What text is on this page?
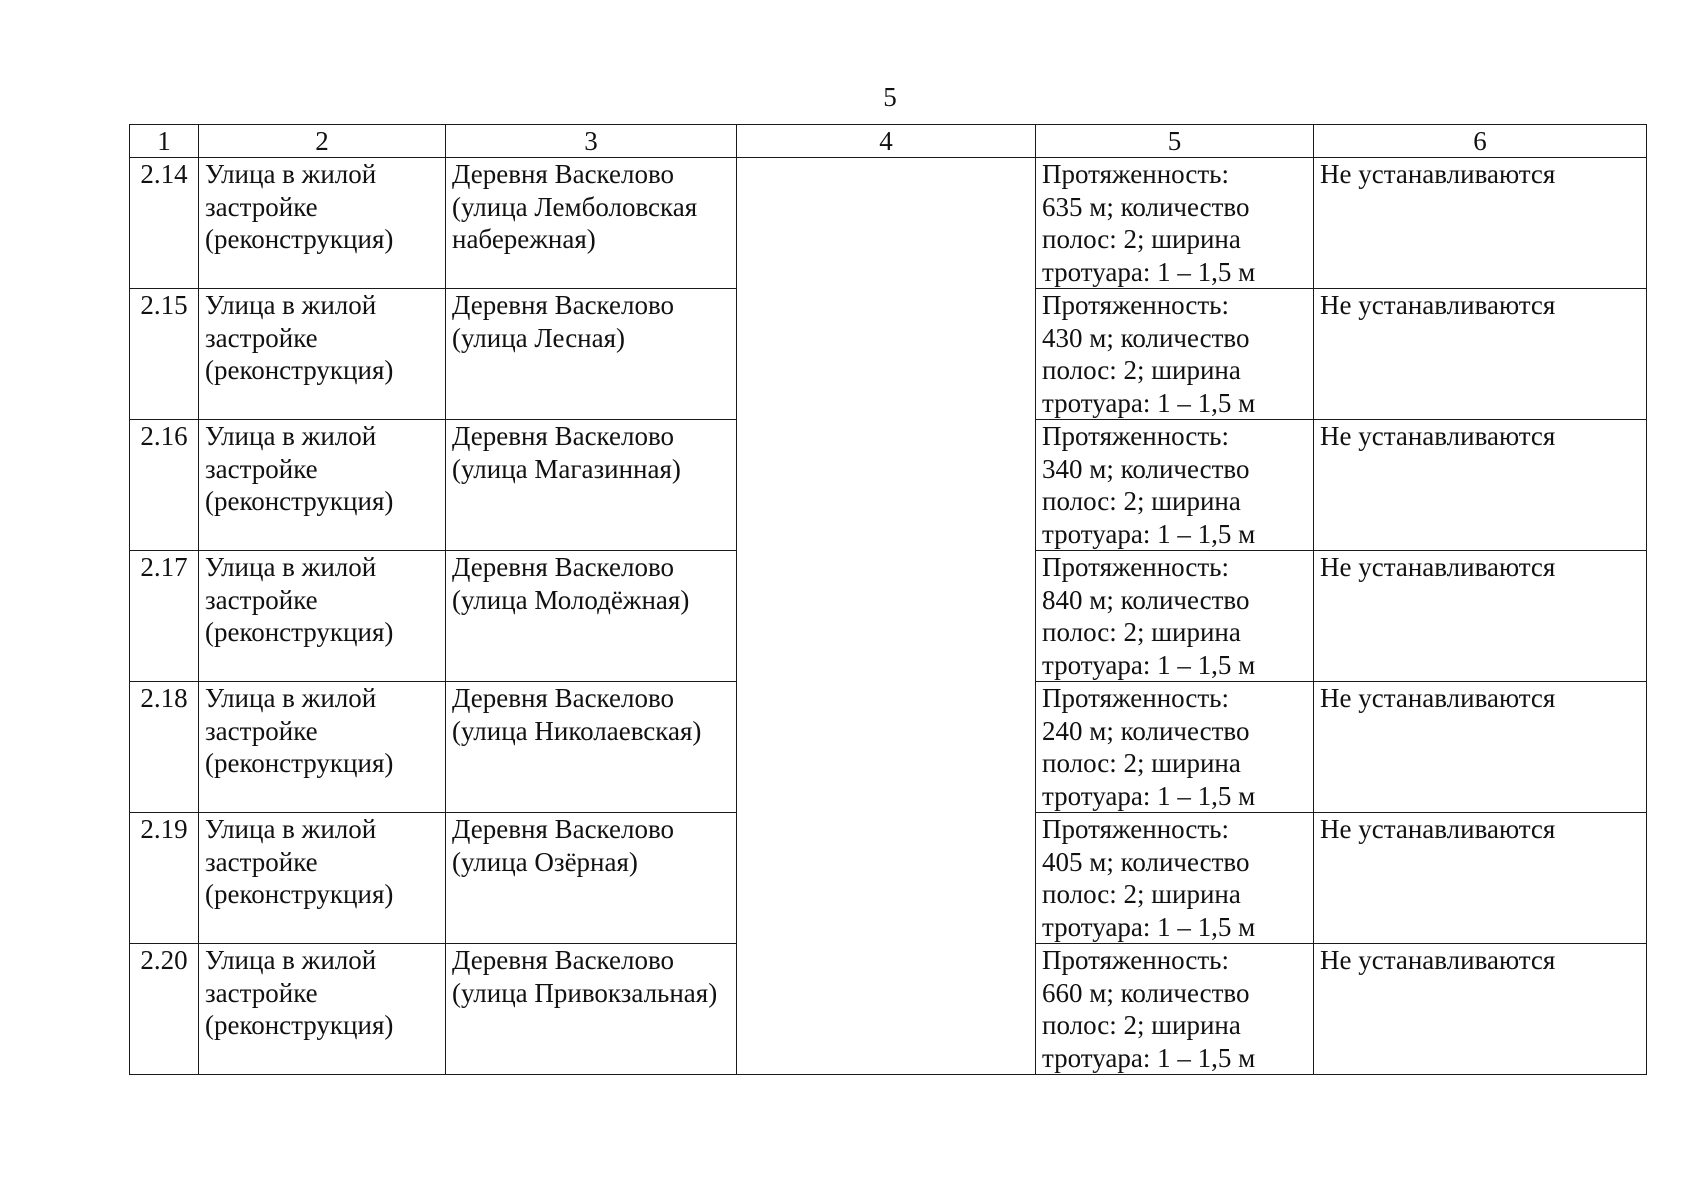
5
1	2	3	4	5	6
2.14	Улица в жилой
застройке
(реконструкция)	Деревня Васкелово
(улица Лемболовская
набережная)		Протяженность:
635 м; количество
полос: 2; ширина
тротуара: 1 – 1,5 м	Не устанавливаются
2.15	Улица в жилой
застройке
(реконструкция)	Деревня Васкелово
(улица Лесная)		Протяженность:
430 м; количество
полос: 2; ширина
тротуара: 1 – 1,5 м	Не устанавливаются
2.16	Улица в жилой
застройке
(реконструкция)	Деревня Васкелово
(улица Магазинная)		Протяженность:
340 м; количество
полос: 2; ширина
тротуара: 1 – 1,5 м	Не устанавливаются
2.17	Улица в жилой
застройке
(реконструкция)	Деревня Васкелово
(улица Молодёжная)		Протяженность:
840 м; количество
полос: 2; ширина
тротуара: 1 – 1,5 м	Не устанавливаются
2.18	Улица в жилой
застройке
(реконструкция)	Деревня Васкелово
(улица Николаевская)		Протяженность:
240 м; количество
полос: 2; ширина
тротуара: 1 – 1,5 м	Не устанавливаются
2.19	Улица в жилой
застройке
(реконструкция)	Деревня Васкелово
(улица Озёрная)		Протяженность:
405 м; количество
полос: 2; ширина
тротуара: 1 – 1,5 м	Не устанавливаются
2.20	Улица в жилой
застройке
(реконструкция)	Деревня Васкелово
(улица Привокзальная)		Протяженность:
660 м; количество
полос: 2; ширина
тротуара: 1 – 1,5 м	Не устанавливаются
